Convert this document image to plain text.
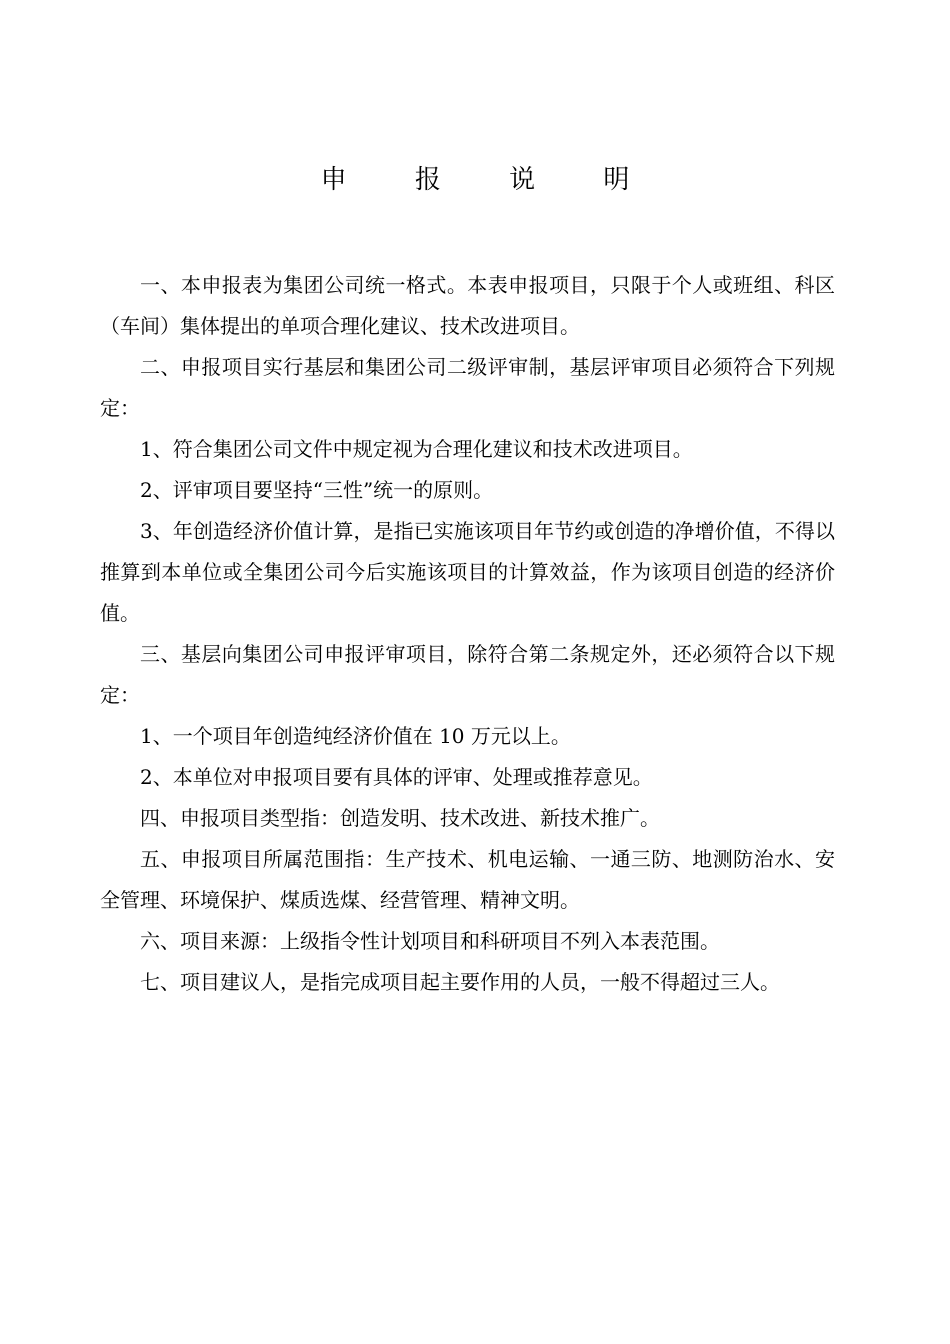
申 报 说 明

一、本申报表为集团公司统一格式。本表申报项目，只限于个人或班组、科区（车间）集体提出的单项合理化建议、技术改进项目。

二、申报项目实行基层和集团公司二级评审制，基层评审项目必须符合下列规定：

1、符合集团公司文件中规定视为合理化建议和技术改进项目。

2、评审项目要坚持“三性”统一的原则。

3、年创造经济价值计算，是指已实施该项目年节约或创造的净增价值，不得以推算到本单位或全集团公司今后实施该项目的计算效益，作为该项目创造的经济价值。

三、基层向集团公司申报评审项目，除符合第二条规定外，还必须符合以下规定：

1、一个项目年创造纯经济价值在 10 万元以上。

2、本单位对申报项目要有具体的评审、处理或推荐意见。

四、申报项目类型指：创造发明、技术改进、新技术推广。

五、申报项目所属范围指：生产技术、机电运输、一通三防、地测防治水、安全管理、环境保护、煤质选煤、经营管理、精神文明。

六、项目来源：上级指令性计划项目和科研项目不列入本表范围。

七、项目建议人，是指完成项目起主要作用的人员，一般不得超过三人。
